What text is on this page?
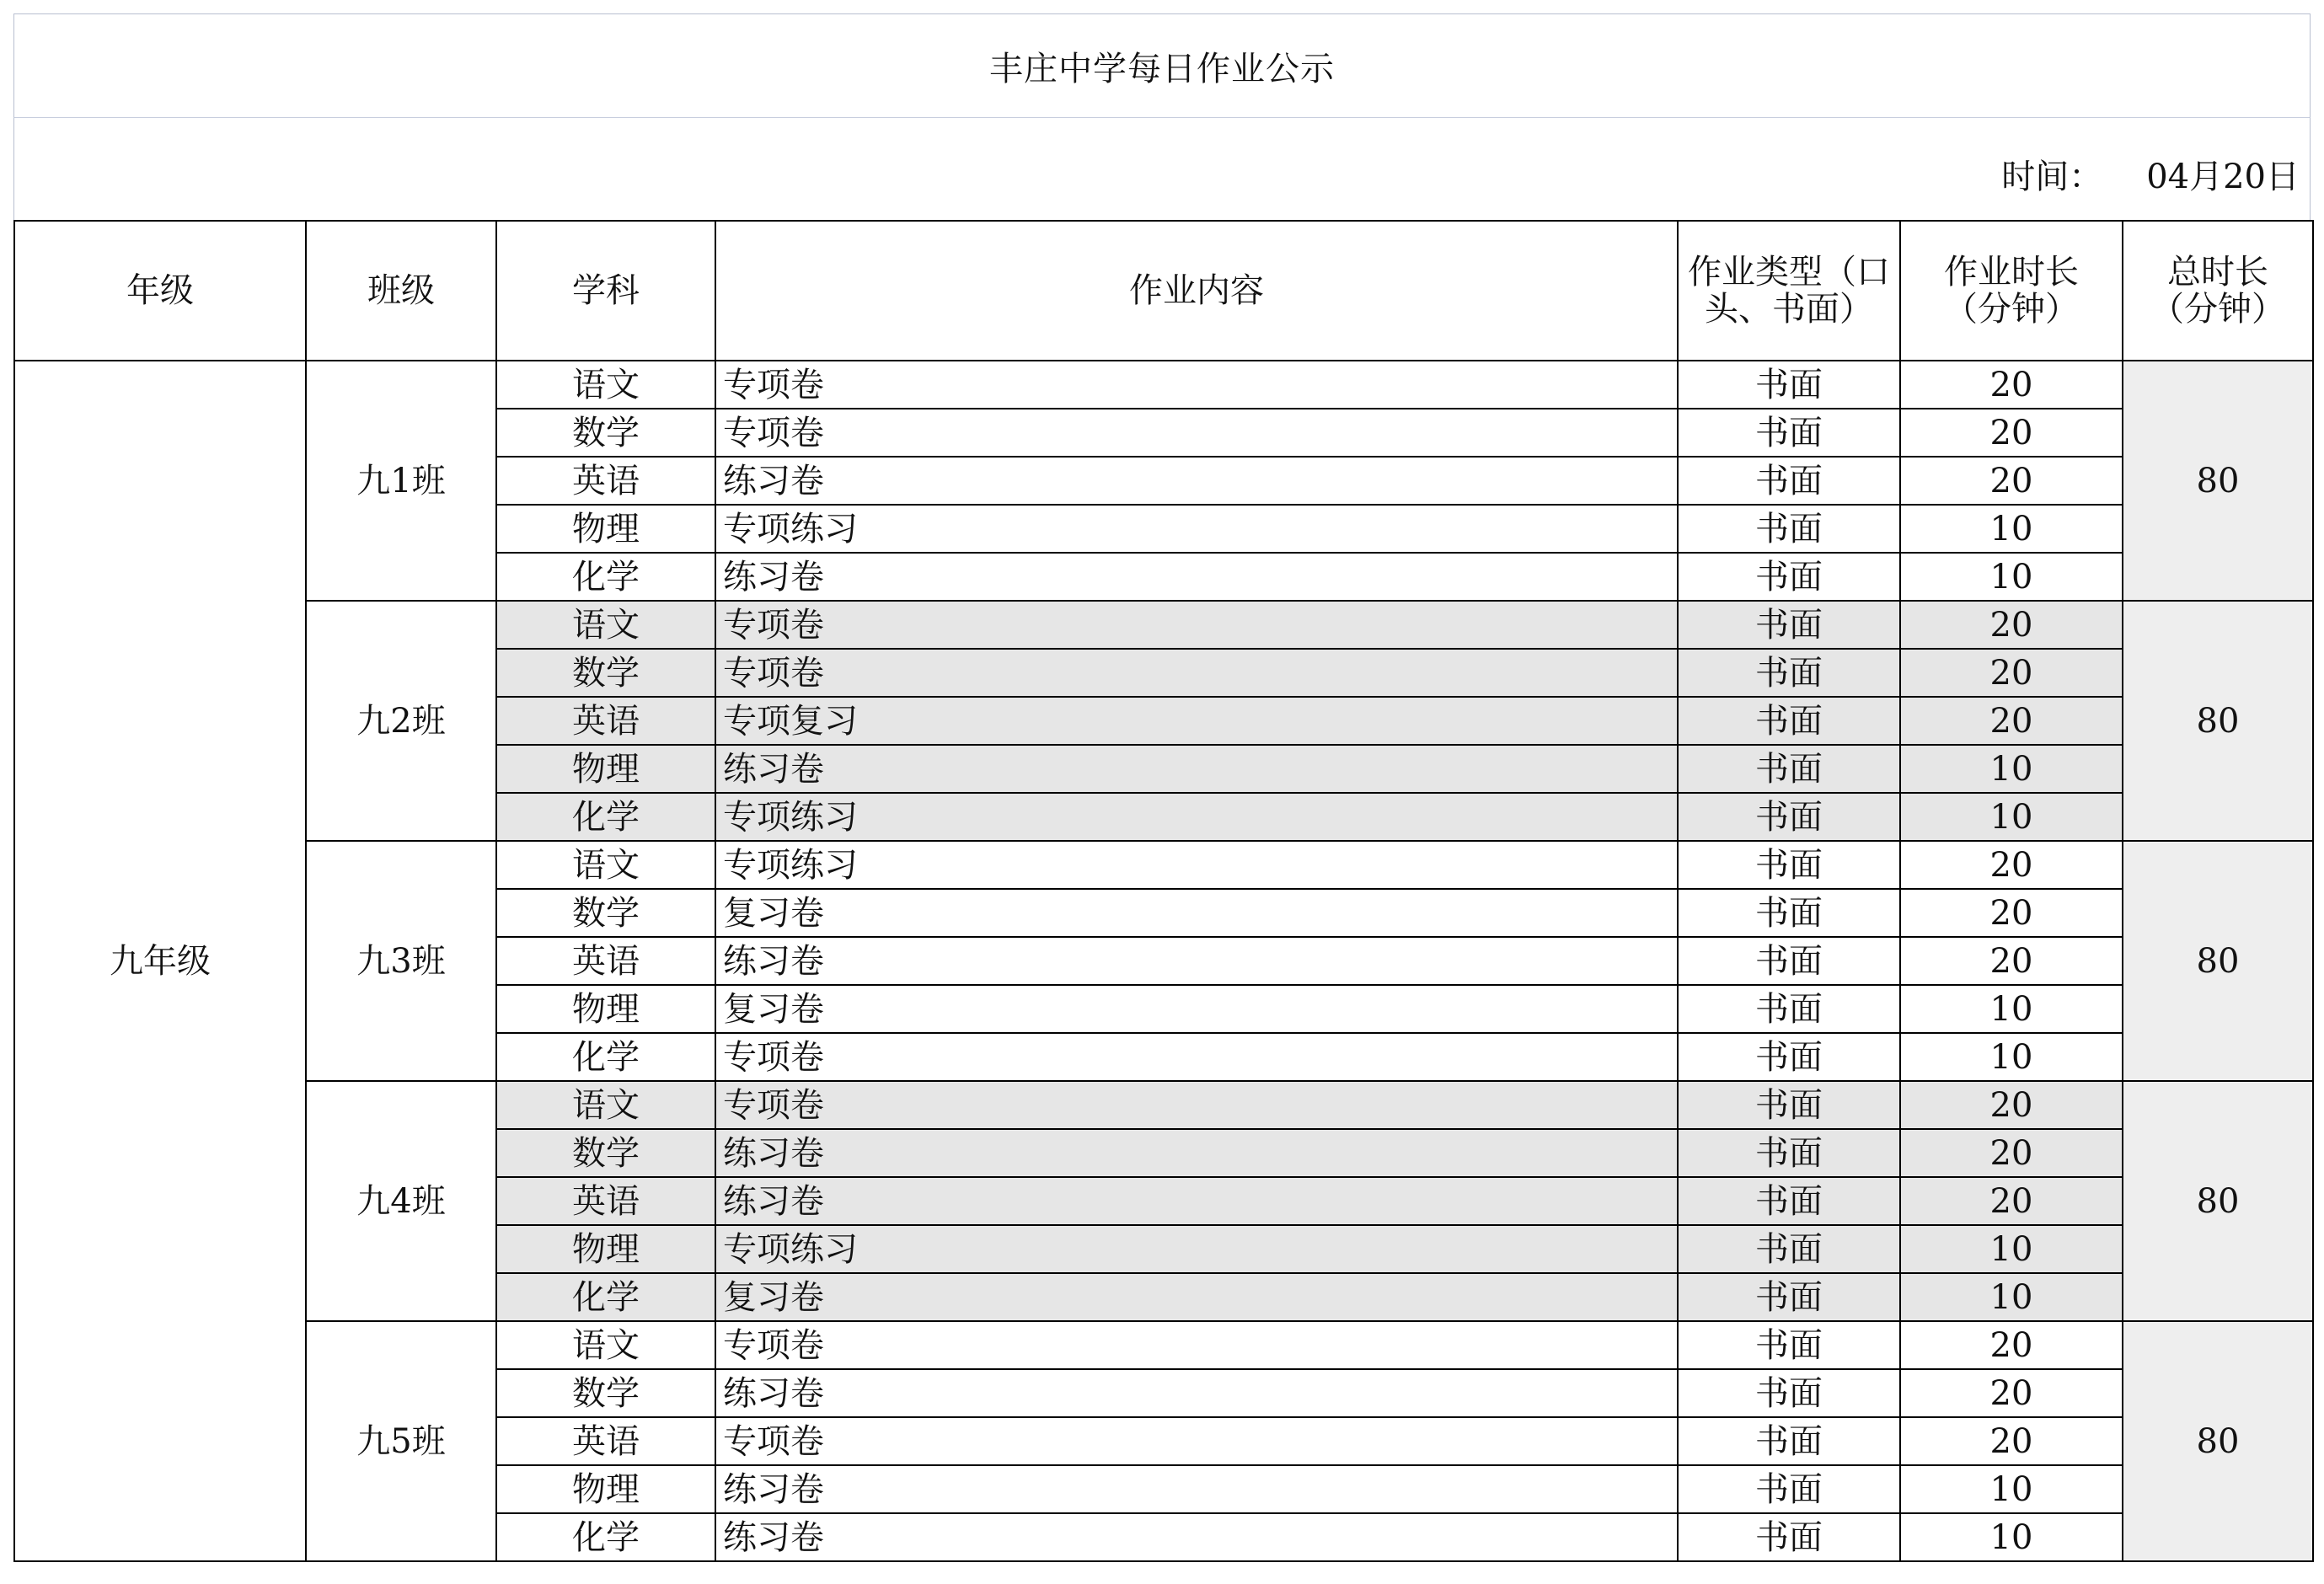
丰庄中学每日作业公示
时间： 04月20日
年级	班级	学科	作业内容	作业类型（口头、书面）	作业时长（分钟）	总时长（分钟）
九年级	九1班	语文	专项卷	书面	20	80
		数学	专项卷	书面	20	
		英语	练习卷	书面	20	
		物理	专项练习	书面	10	
		化学	练习卷	书面	10	
	九2班	语文	专项卷	书面	20	80
		数学	专项卷	书面	20	
		英语	专项复习	书面	20	
		物理	练习卷	书面	10	
		化学	专项练习	书面	10	
	九3班	语文	专项练习	书面	20	80
		数学	复习卷	书面	20	
		英语	练习卷	书面	20	
		物理	复习卷	书面	10	
		化学	专项卷	书面	10	
	九4班	语文	专项卷	书面	20	80
		数学	练习卷	书面	20	
		英语	练习卷	书面	20	
		物理	专项练习	书面	10	
		化学	复习卷	书面	10	
	九5班	语文	专项卷	书面	20	80
		数学	练习卷	书面	20	
		英语	专项卷	书面	20	
		物理	练习卷	书面	10	
		化学	练习卷	书面	10	
